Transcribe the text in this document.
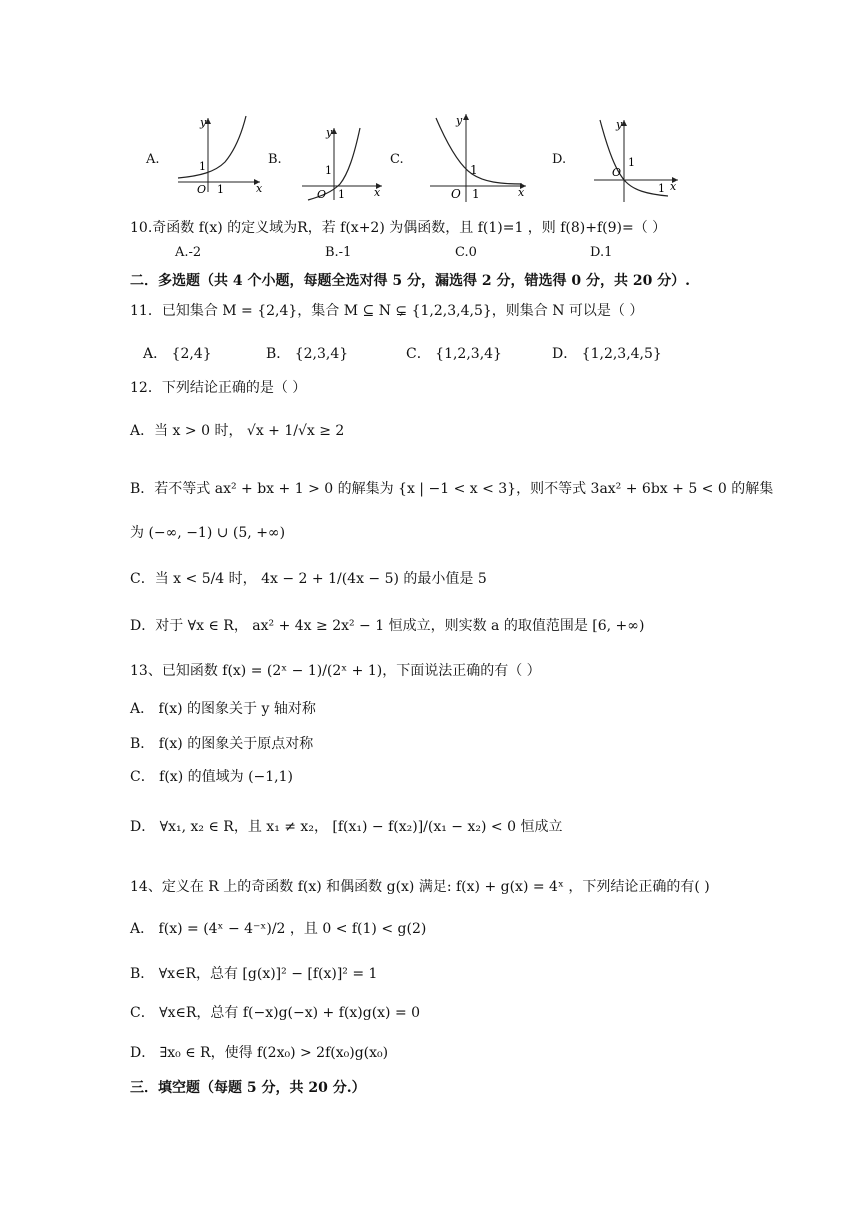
A.
y
x
O 1
1	B.
y
x
O 1
1
C.
y
x
O 1
1
D.
y
x
O
1
1
10.奇函数 f(x) 的定义域为R，若 f(x+2) 为偶函数，且 f(1)=1 ，则 f(8)+f(9)=（ ）
A.-2	B.-1	C.0	D.1
二．多选题（共 4 个小题，每题全选对得 5 分，漏选得 2 分，错选得 0 分，共 20 分）.
11．已知集合 M = {2,4}，集合 M ⊆ N ⊊ {1,2,3,4,5}，则集合 N 可以是（ ）
A． {2,4}	B． {2,3,4}	C． {1,2,3,4}	D． {1,2,3,4,5}
12．下列结论正确的是（ ）
A．当 x > 0 时， √x + 1/√x ≥ 2
B．若不等式 ax² + bx + 1 > 0 的解集为 {x | −1 < x < 3}，则不等式 3ax² + 6bx + 5 < 0 的解集
为 (−∞, −1) ∪ (5, +∞)
C．当 x < 5/4 时， 4x − 2 + 1/(4x − 5) 的最小值是 5
D．对于 ∀x ∈ R， ax² + 4x ≥ 2x² − 1 恒成立，则实数 a 的取值范围是 [6, +∞)
13、已知函数 f(x) = (2ˣ − 1)/(2ˣ + 1)，下面说法正确的有（ ）
A． f(x) 的图象关于 y 轴对称
B． f(x) 的图象关于原点对称
C． f(x) 的值域为 (−1,1)
D． ∀x₁, x₂ ∈ R，且 x₁ ≠ x₂， [f(x₁) − f(x₂)]/(x₁ − x₂) < 0 恒成立
14、定义在 R 上的奇函数 f(x) 和偶函数 g(x) 满足: f(x) + g(x) = 4ˣ ，下列结论正确的有( )
A． f(x) = (4ˣ − 4⁻ˣ)/2 ，且 0 < f(1) < g(2)
B． ∀x∈R，总有 [g(x)]² − [f(x)]² = 1
C． ∀x∈R，总有 f(−x)g(−x) + f(x)g(x) = 0
D． ∃x₀ ∈ R，使得 f(2x₀) > 2f(x₀)g(x₀)
三．填空题（每题 5 分，共 20 分.）
